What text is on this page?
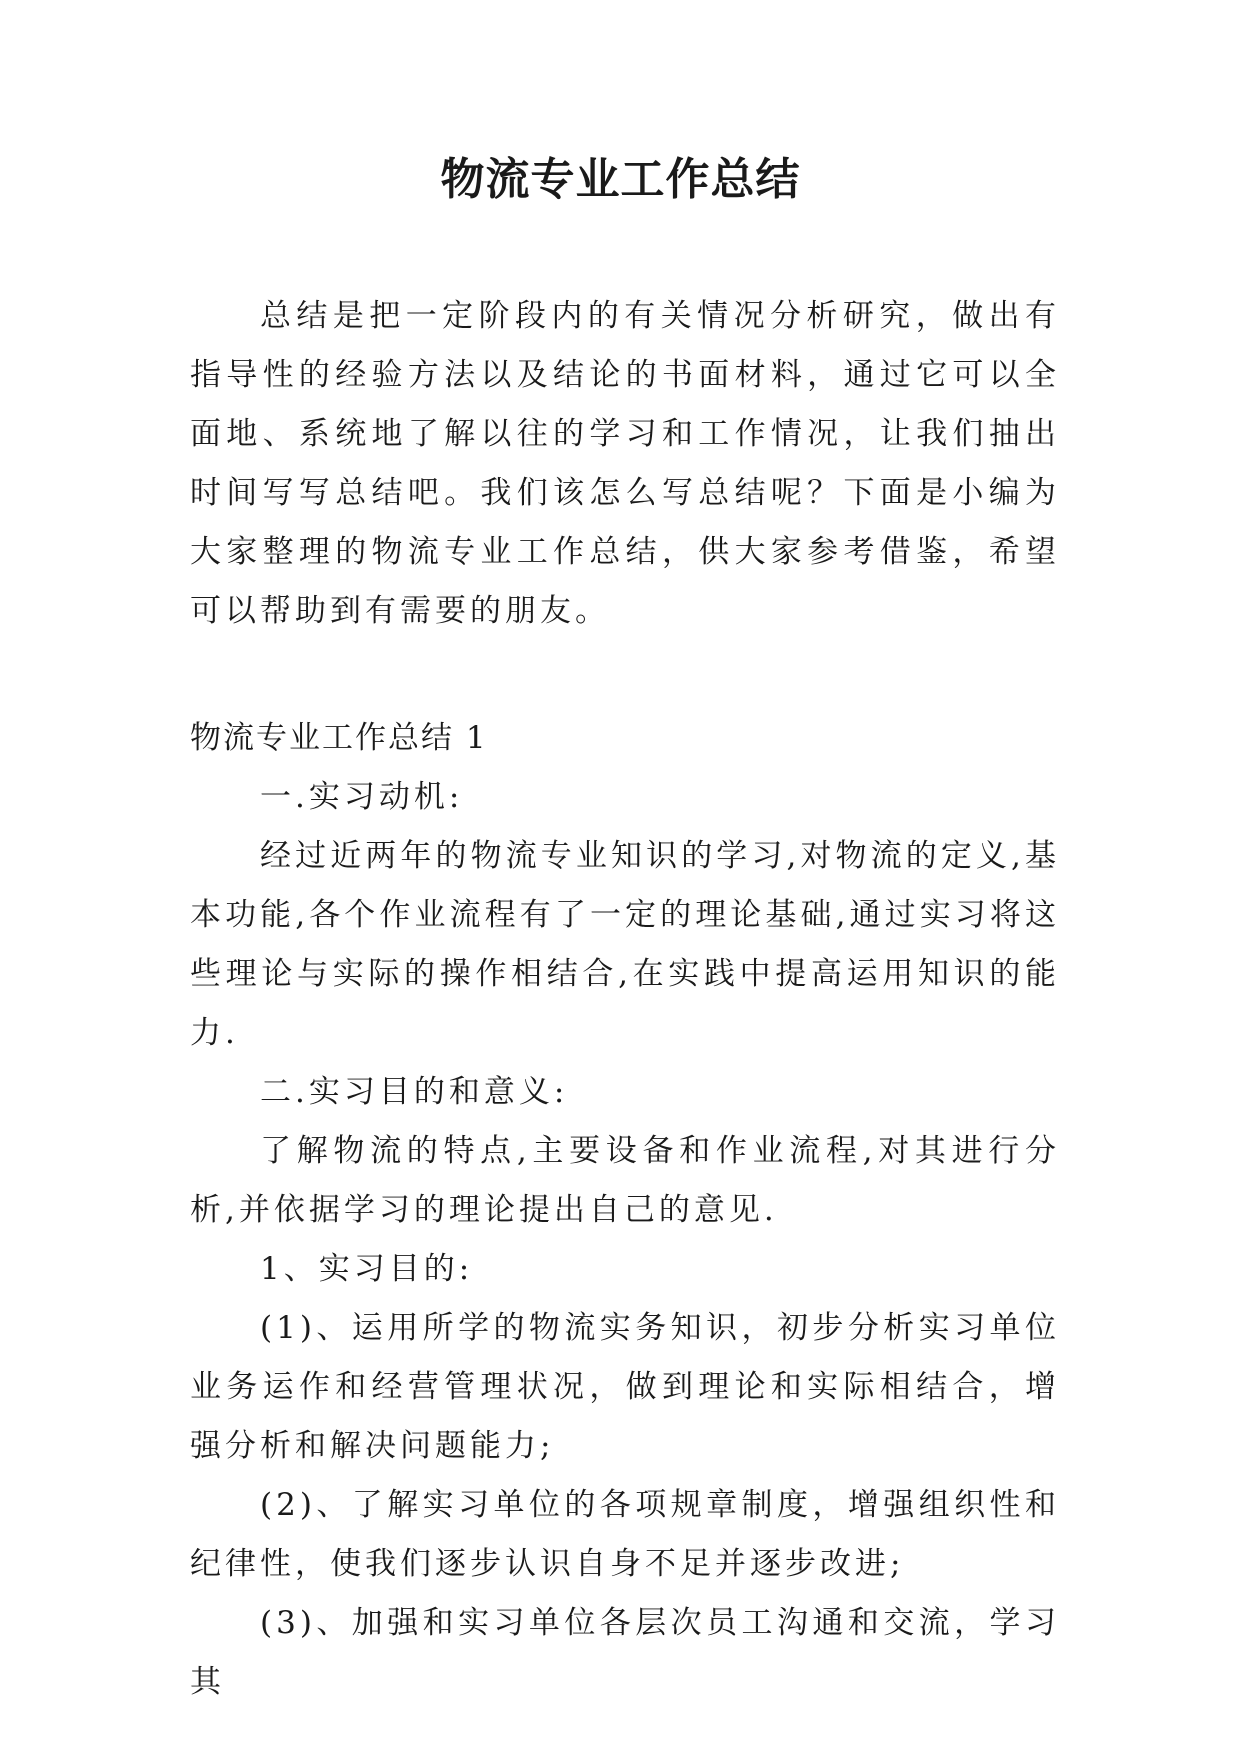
物流专业工作总结

总结是把一定阶段内的有关情况分析研究，做出有指导性的经验方法以及结论的书面材料，通过它可以全面地、系统地了解以往的学习和工作情况，让我们抽出时间写写总结吧。我们该怎么写总结呢？下面是小编为大家整理的物流专业工作总结，供大家参考借鉴，希望可以帮助到有需要的朋友。

物流专业工作总结 1

一.实习动机:

经过近两年的物流专业知识的学习,对物流的定义,基本功能,各个作业流程有了一定的理论基础,通过实习将这些理论与实际的操作相结合,在实践中提高运用知识的能力.

二.实习目的和意义:

了解物流的特点,主要设备和作业流程,对其进行分析,并依据学习的理论提出自己的意见.

1、实习目的:

(1)、运用所学的物流实务知识，初步分析实习单位业务运作和经营管理状况，做到理论和实际相结合，增强分析和解决问题能力;

(2)、了解实习单位的各项规章制度，增强组织性和纪律性，使我们逐步认识自身不足并逐步改进;

(3)、加强和实习单位各层次员工沟通和交流，学习其
